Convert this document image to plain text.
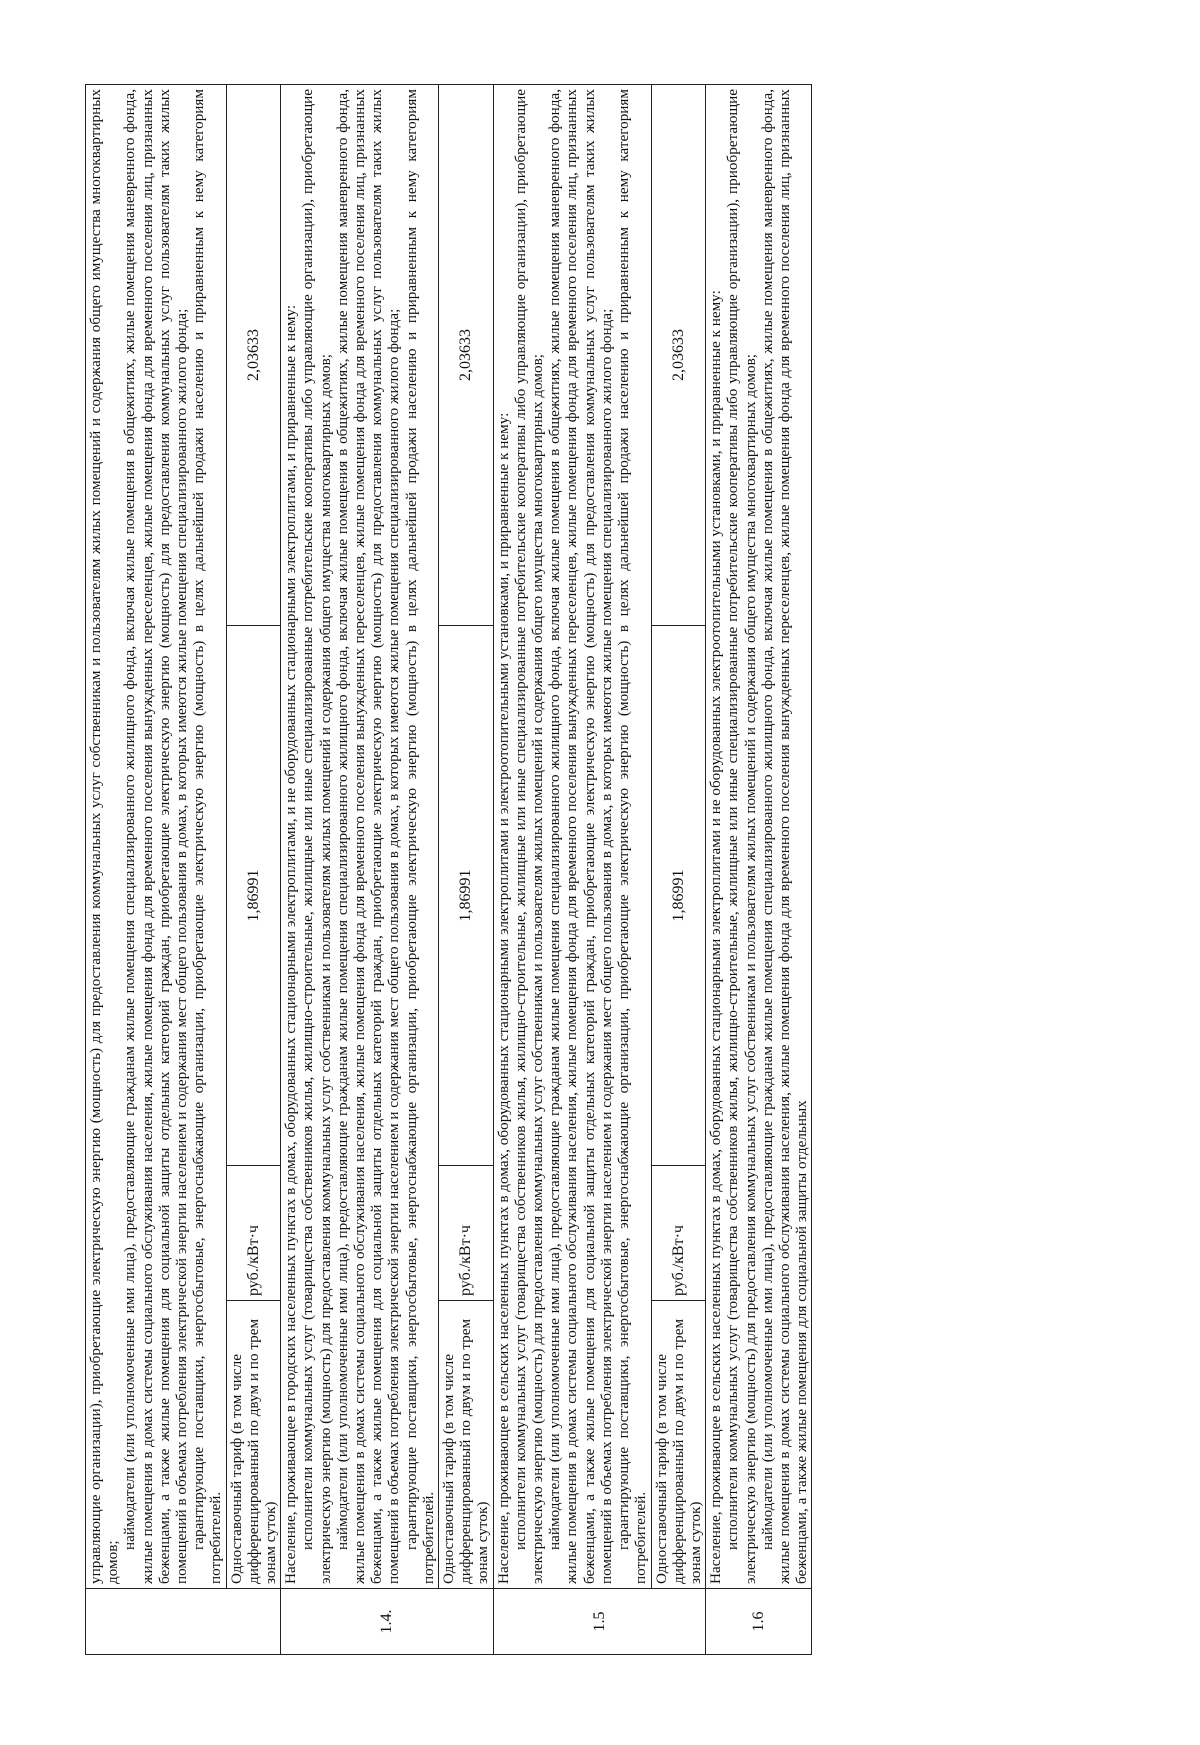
	управляющие организации), приобретающие электрическую энергию (мощность) для предоставления коммунальных услуг собственникам и пользователям жилых помещений и содержания общего имущества многоквартирных домов;

наймодатели (или уполномоченные ими лица), предоставляющие гражданам жилые помещения специализированного жилищного фонда, включая жилые помещения в общежитиях, жилые помещения маневренного фонда, жилые помещения в домах системы социального обслуживания населения, жилые помещения фонда для временного поселения вынужденных переселенцев, жилые помещения фонда для временного поселения лиц, признанных беженцами, а также жилые помещения для социальной защиты отдельных категорий граждан, приобретающие электрическую энергию (мощность) для предоставления коммунальных услуг пользователям таких жилых помещений в объемах потребления электрической энергии населением и содержания мест общего пользования в домах, в которых имеются жилые помещения специализированного жилого фонда; гарантирующие поставщики, энергосбытовые, энергоснабжающие организации, приобретающие электрическую энергию (мощность) в целях дальнейшей продажи населению и приравненным к нему категориям потребителей.			

	Одноставочный тариф (в том числе дифференцированный по двум и по трем зонам суток)	руб./кВт·ч	1,86991	2,03633
1.4.	Население, проживающее в городских населенных пунктах в домах, оборудованных стационарными электроплитами, и не оборудованных стационарными электроплитами, и приравненные к нему: исполнители коммунальных услуг (товарищества собственников жилья, жилищно-строительные, жилищные или иные специализированные потребительские кооперативы либо управляющие организации), приобретающие электрическую энергию (мощность) для предоставления коммунальных услуг собственникам и пользователям жилых помещений и содержания общего имущества многоквартирных домов; наймодатели (или уполномоченные ими лица), предоставляющие гражданам жилые помещения специализированного жилищного фонда, включая жилые помещения в общежитиях, жилые помещения маневренного фонда, жилые помещения в домах системы социального обслуживания населения, жилые помещения фонда для временного поселения вынужденных переселенцев, жилые помещения фонда для временного поселения лиц, признанных беженцами, а также жилые помещения для социальной защиты отдельных категорий граждан, приобретающие электрическую энергию (мощность) для предоставления коммунальных услуг пользователям таких жилых помещений в объемах потребления электрической энергии населением и содержания мест общего пользования в домах, в которых имеются жилые помещения специализированного жилого фонда; гарантирующие поставщики, энергосбытовые, энергоснабжающие организации, приобретающие электрическую энергию (мощность) в целях дальнейшей продажи населению и приравненным к нему категориям потребителей.			

	Одноставочный тариф (в том числе дифференцированный по двум и по трем зонам суток)	руб./кВт·ч	1,86991	2,03633
1.5	Население, проживающее в сельских населенных пунктах в домах, оборудованных стационарными электроплитами и электроотопительными установками, и приравненные к нему: исполнители коммунальных услуг (товарищества собственников жилья, жилищно-строительные, жилищные или иные специализированные потребительские кооперативы либо управляющие организации), приобретающие электрическую энергию (мощность) для предоставления коммунальных услуг собственникам и пользователям жилых помещений и содержания общего имущества многоквартирных домов; наймодатели (или уполномоченные ими лица), предоставляющие гражданам жилые помещения специализированного жилищного фонда, включая жилые помещения в общежитиях, жилые помещения маневренного фонда, жилые помещения в домах системы социального обслуживания населения, жилые помещения фонда для временного поселения вынужденных переселенцев, жилые помещения фонда для временного поселения лиц, признанных беженцами, а также жилые помещения для социальной защиты отдельных категорий граждан, приобретающие электрическую энергию (мощность) для предоставления коммунальных услуг пользователям таких жилых помещений в объемах потребления электрической энергии населением и содержания мест общего пользования в домах, в которых имеются жилые помещения специализированного жилого фонда; гарантирующие поставщики, энергосбытовые, энергоснабжающие организации, приобретающие электрическую энергию (мощность) в целях дальнейшей продажи населению и приравненным к нему категориям потребителей.			

	Одноставочный тариф (в том числе дифференцированный по двум и по трем зонам суток)	руб./кВт·ч	1,86991	2,03633
1.6	Население, проживающее в сельских населенных пунктах в домах, оборудованных стационарными электроплитами и не оборудованных электроотопительными установками, и приравненные к нему: исполнители коммунальных услуг (товарищества собственников жилья, жилищно-строительные, жилищные или иные специализированные потребительские кооперативы либо управляющие организации), приобретающие электрическую энергию (мощность) для предоставления коммунальных услуг собственникам и пользователям жилых помещений и содержания общего имущества многоквартирных домов; наймодатели (или уполномоченные ими лица), предоставляющие гражданам жилые помещения специализированного жилищного фонда, включая жилые помещения в общежитиях, жилые помещения маневренного фонда, жилые помещения в домах системы социального обслуживания населения, жилые помещения фонда для временного поселения вынужденных переселенцев, жилые помещения фонда для временного поселения лиц, признанных беженцами, а также жилые помещения для социальной защиты отдельных			
